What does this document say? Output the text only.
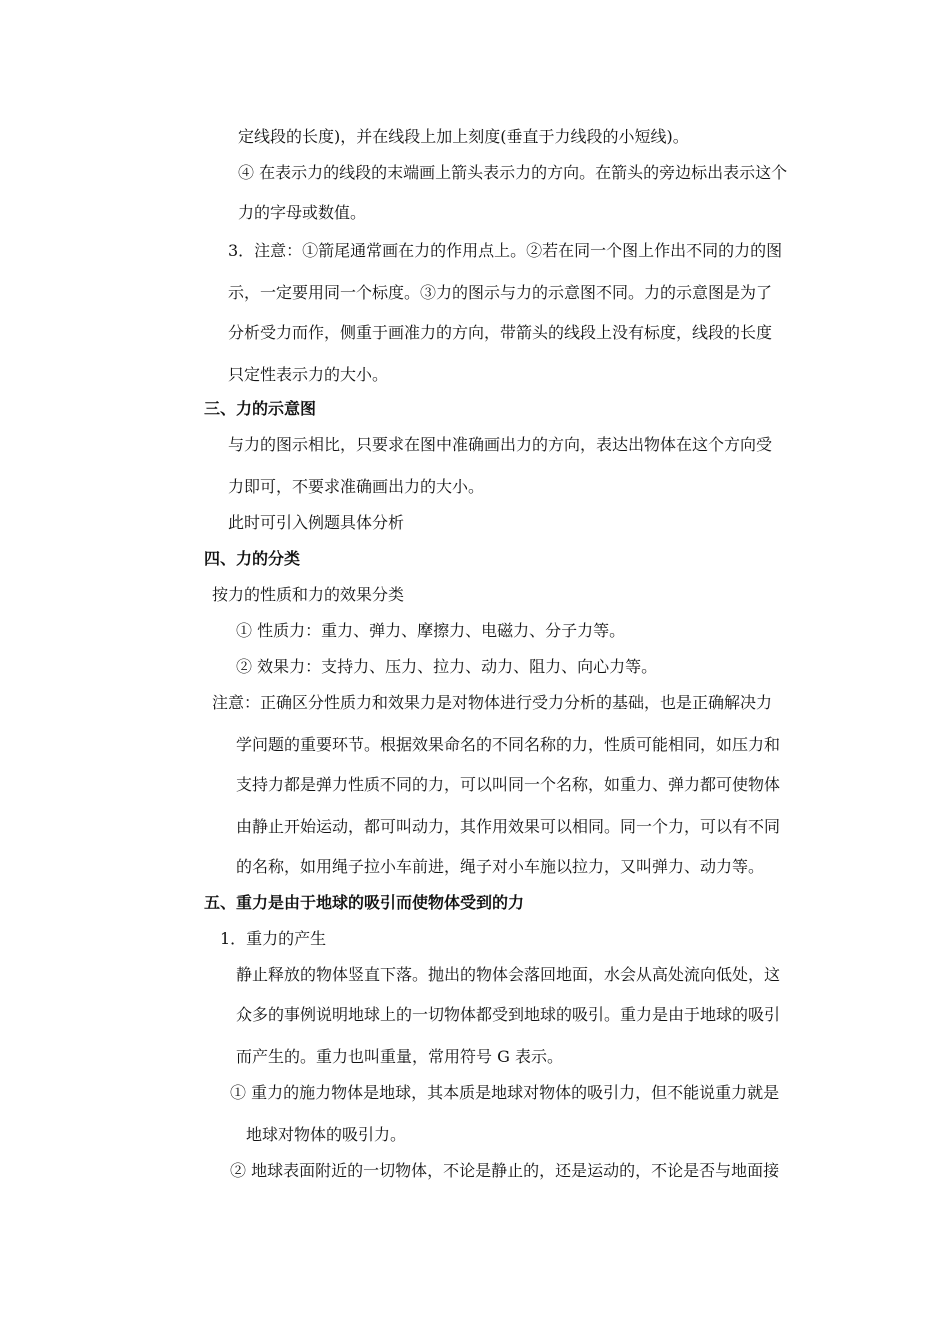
定线段的长度)，并在线段上加上刻度(垂直于力线段的小短线)。
④ 在表示力的线段的末端画上箭头表示力的方向。在箭头的旁边标出表示这个
力的字母或数值。
3．注意：①箭尾通常画在力的作用点上。②若在同一个图上作出不同的力的图
示，一定要用同一个标度。③力的图示与力的示意图不同。力的示意图是为了
分析受力而作，侧重于画准力的方向，带箭头的线段上没有标度，线段的长度
只定性表示力的大小。
三、力的示意图
与力的图示相比，只要求在图中准确画出力的方向，表达出物体在这个方向受
力即可，不要求准确画出力的大小。
此时可引入例题具体分析
四、力的分类
按力的性质和力的效果分类
① 性质力：重力、弹力、摩擦力、电磁力、分子力等。
② 效果力：支持力、压力、拉力、动力、阻力、向心力等。
注意：正确区分性质力和效果力是对物体进行受力分析的基础，也是正确解决力
学问题的重要环节。根据效果命名的不同名称的力，性质可能相同，如压力和
支持力都是弹力性质不同的力，可以叫同一个名称，如重力、弹力都可使物体
由静止开始运动，都可叫动力，其作用效果可以相同。同一个力，可以有不同
的名称，如用绳子拉小车前进，绳子对小车施以拉力，又叫弹力、动力等。
五、重力是由于地球的吸引而使物体受到的力
1．重力的产生
静止释放的物体竖直下落。抛出的物体会落回地面，水会从高处流向低处，这
众多的事例说明地球上的一切物体都受到地球的吸引。重力是由于地球的吸引
而产生的。重力也叫重量，常用符号 G 表示。
① 重力的施力物体是地球，其本质是地球对物体的吸引力，但不能说重力就是
地球对物体的吸引力。
② 地球表面附近的一切物体，不论是静止的，还是运动的，不论是否与地面接
